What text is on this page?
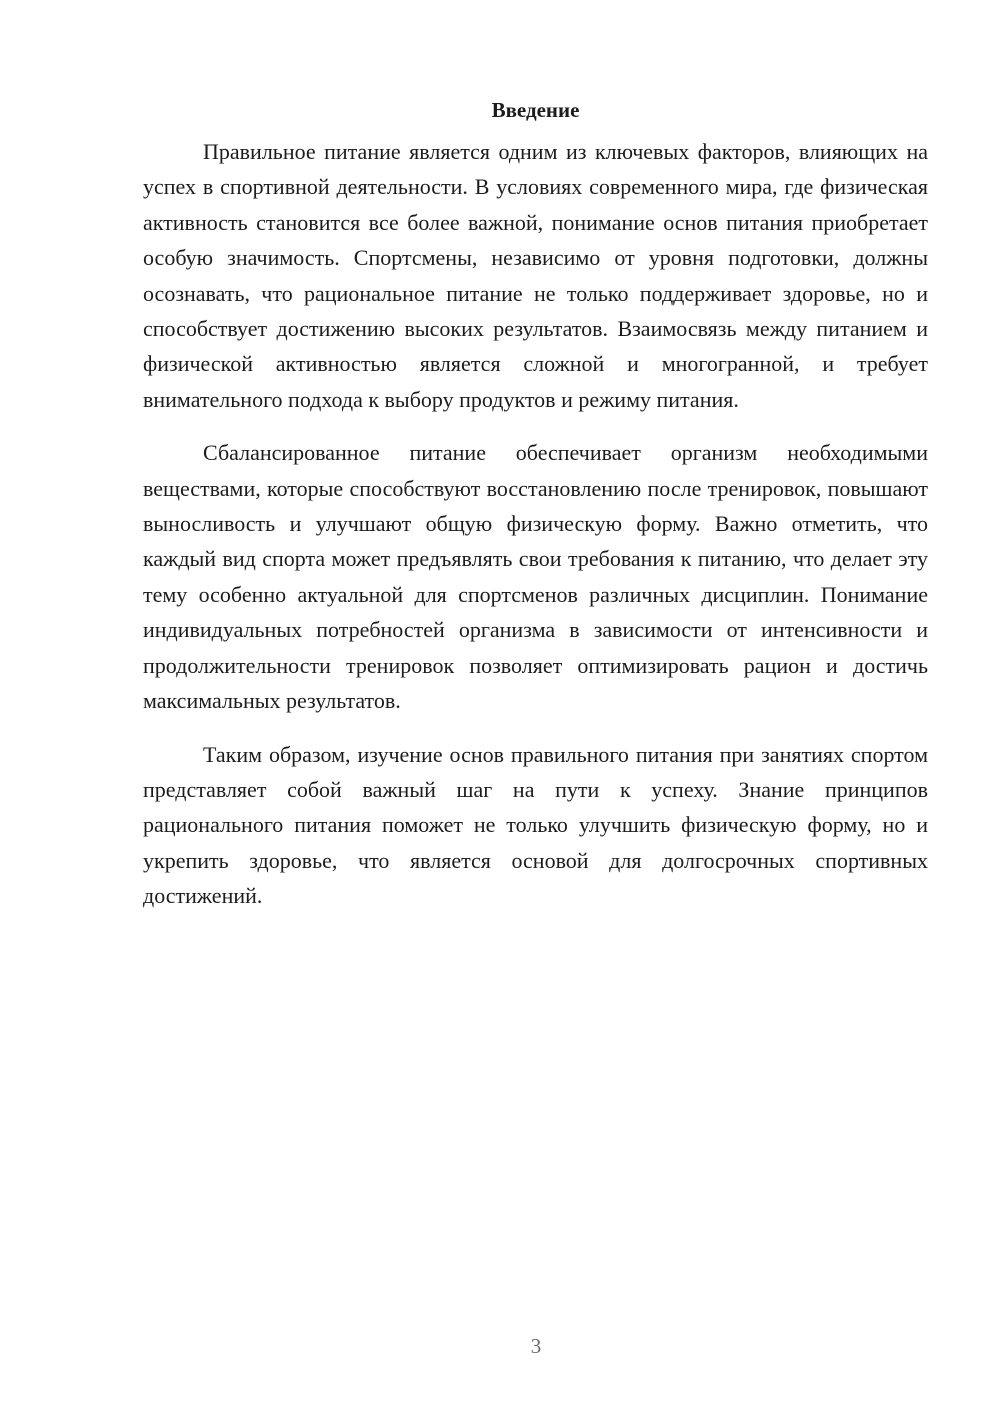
Введение

Правильное питание является одним из ключевых факторов, влияющих на успех в спортивной деятельности. В условиях современного мира, где физическая активность становится все более важной, понимание основ питания приобретает особую значимость. Спортсмены, независимо от уровня подготовки, должны осознавать, что рациональное питание не только поддерживает здоровье, но и способствует достижению высоких результатов. Взаимосвязь между питанием и физической активностью является сложной и многогранной, и требует внимательного подхода к выбору продуктов и режиму питания.

Сбалансированное питание обеспечивает организм необходимыми веществами, которые способствуют восстановлению после тренировок, повышают выносливость и улучшают общую физическую форму. Важно отметить, что каждый вид спорта может предъявлять свои требования к питанию, что делает эту тему особенно актуальной для спортсменов различных дисциплин. Понимание индивидуальных потребностей организма в зависимости от интенсивности и продолжительности тренировок позволяет оптимизировать рацион и достичь максимальных результатов.

Таким образом, изучение основ правильного питания при занятиях спортом представляет собой важный шаг на пути к успеху. Знание принципов рационального питания поможет не только улучшить физическую форму, но и укрепить здоровье, что является основой для долгосрочных спортивных достижений.

3
